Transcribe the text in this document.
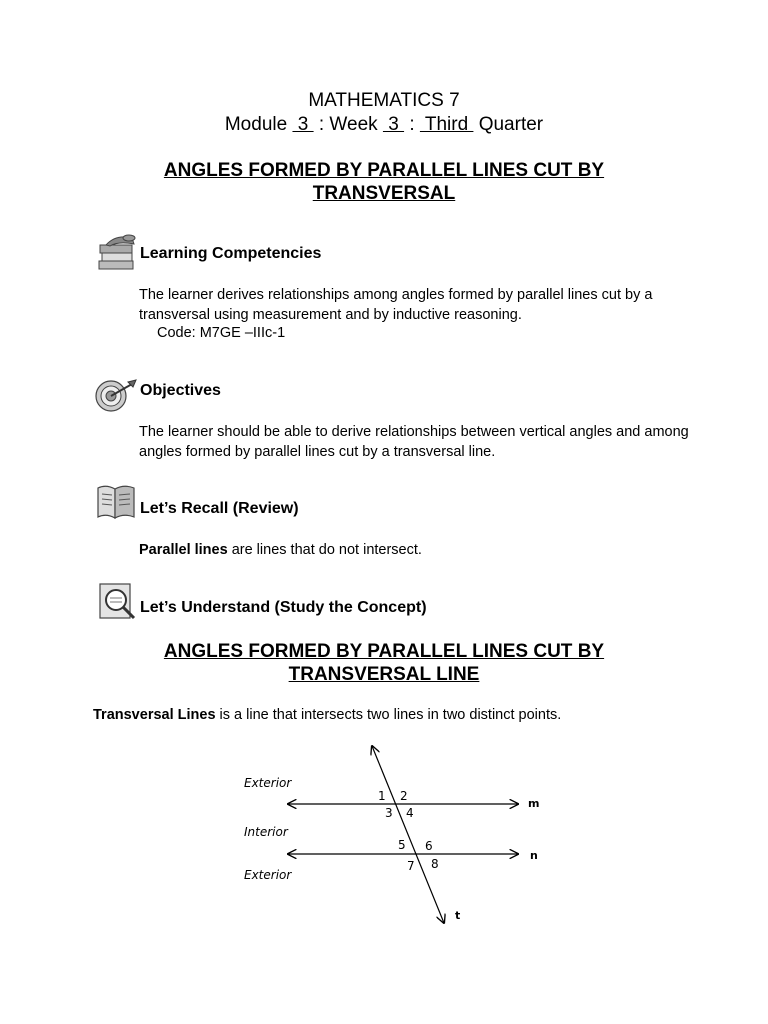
MATHEMATICS 7
Module  3  : Week  3  :  Third  Quarter
ANGLES FORMED BY PARALLEL LINES CUT BY
TRANSVERSAL
Learning Competencies
The learner derives relationships among angles formed by parallel lines cut by a transversal using measurement and by inductive reasoning.
Code: M7GE –IIIc-1
Objectives
The learner should be able to derive relationships between vertical angles and among angles formed by parallel lines cut by a transversal line.
Let’s Recall (Review)
Parallel lines are lines that do not intersect.
Let’s Understand (Study the Concept)
ANGLES FORMED BY PARALLEL LINES CUT BY
TRANSVERSAL LINE
Transversal Lines is a line that intersects two lines in two distinct points.
Exterior
Interior
Exterior
m
n
t
1 2
3 4
5 6
7 8
